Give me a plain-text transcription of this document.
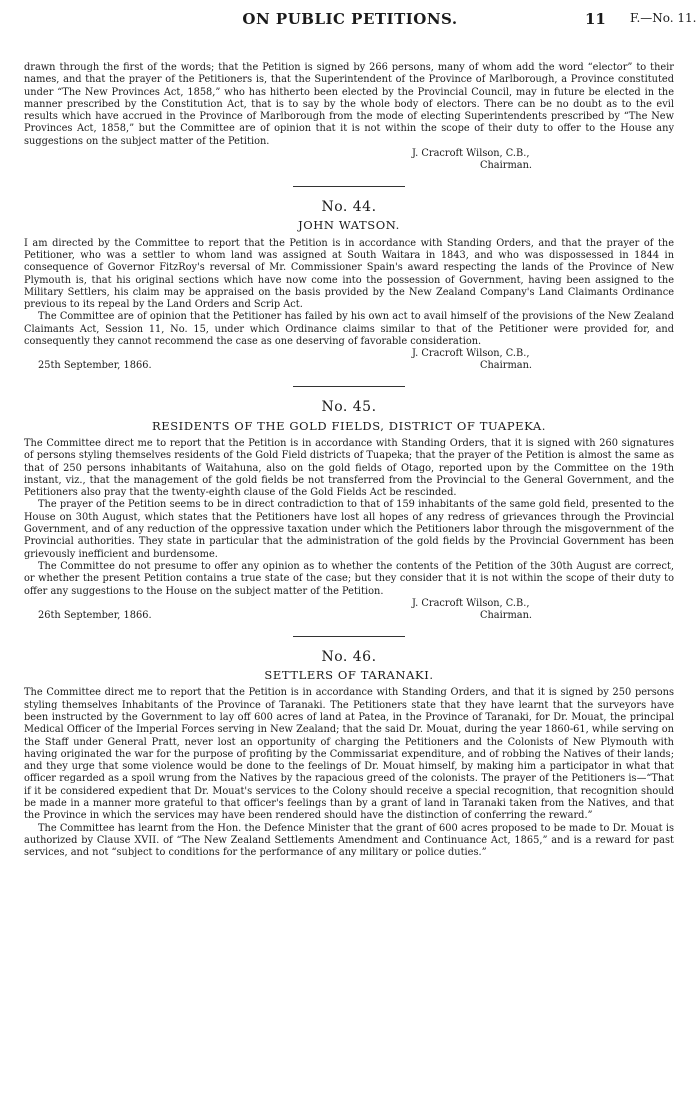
ON PUBLIC PETITIONS.	11 F.—No. 11.

drawn through the first of the words; that the Petition is signed by 266 persons, many of whom add the word “elector” to their names, and that the prayer of the Petitioners is, that the Superintendent of the Province of Marlborough, a Province constituted under “The New Provinces Act, 1858,” who has hitherto been elected by the Provincial Council, may in future be elected in the manner prescribed by the Constitution Act, that is to say by the whole body of electors. There can be no doubt as to the evil results which have accrued in the Province of Marlborough from the mode of electing Superintendents prescribed by “The New Provinces Act, 1858,” but the Committee are of opinion that it is not within the scope of their duty to offer to the House any suggestions on the subject matter of the Petition.

J. Cracroft Wilson, C.B.,
Chairman.
No. 44.
JOHN WATSON.

I am directed by the Committee to report that the Petition is in accordance with Standing Orders, and that the prayer of the Petitioner, who was a settler to whom land was assigned at South Waitara in 1843, and who was dispossessed in 1844 in consequence of Governor FitzRoy's reversal of Mr. Commissioner Spain's award respecting the lands of the Province of New Plymouth is, that his original sections which have now come into the possession of Government, having been assigned to the Military Settlers, his claim may be appraised on the basis provided by the New Zealand Company's Land Claimants Ordinance previous to its repeal by the Land Orders and Scrip Act.

The Committee are of opinion that the Petitioner has failed by his own act to avail himself of the provisions of the New Zealand Claimants Act, Session 11, No. 15, under which Ordinance claims similar to that of the Petitioner were provided for, and consequently they cannot recommend the case as one deserving of favorable consideration.

J. Cracroft Wilson, C.B.,
25th September, 1866.	Chairman.
No. 45.
RESIDENTS OF THE GOLD FIELDS, DISTRICT OF TUAPEKA.

The Committee direct me to report that the Petition is in accordance with Standing Orders, that it is signed with 260 signatures of persons styling themselves residents of the Gold Field districts of Tuapeka; that the prayer of the Petition is almost the same as that of 250 persons inhabitants of Waitahuna, also on the gold fields of Otago, reported upon by the Committee on the 19th instant, viz., that the management of the gold fields be not transferred from the Provincial to the General Government, and the Petitioners also pray that the twenty-eighth clause of the Gold Fields Act be rescinded.

The prayer of the Petition seems to be in direct contradiction to that of 159 inhabitants of the same gold field, presented to the House on 30th August, which states that the Petitioners have lost all hopes of any redress of grievances through the Provincial Government, and of any reduction of the oppressive taxation under which the Petitioners labor through the misgovernment of the Provincial authorities. They state in particular that the administration of the gold fields by the Provincial Government has been grievously inefficient and burdensome.

The Committee do not presume to offer any opinion as to whether the contents of the Petition of the 30th August are correct, or whether the present Petition contains a true state of the case; but they consider that it is not within the scope of their duty to offer any suggestions to the House on the subject matter of the Petition.

J. Cracroft Wilson, C.B.,
26th September, 1866.	Chairman.
No. 46.
SETTLERS OF TARANAKI.

The Committee direct me to report that the Petition is in accordance with Standing Orders, and that it is signed by 250 persons styling themselves Inhabitants of the Province of Taranaki. The Petitioners state that they have learnt that the surveyors have been instructed by the Government to lay off 600 acres of land at Patea, in the Province of Taranaki, for Dr. Mouat, the principal Medical Officer of the Imperial Forces serving in New Zealand; that the said Dr. Mouat, during the year 1860-61, while serving on the Staff under General Pratt, never lost an opportunity of charging the Petitioners and the Colonists of New Plymouth with having originated the war for the purpose of profiting by the Commissariat expenditure, and of robbing the Natives of their lands; and they urge that some violence would be done to the feelings of Dr. Mouat himself, by making him a participator in what that officer regarded as a spoil wrung from the Natives by the rapacious greed of the colonists. The prayer of the Petitioners is—“That if it be considered expedient that Dr. Mouat's services to the Colony should receive a special recognition, that recognition should be made in a manner more grateful to that officer's feelings than by a grant of land in Taranaki taken from the Natives, and that the Province in which the services may have been rendered should have the distinction of conferring the reward.”

The Committee has learnt from the Hon. the Defence Minister that the grant of 600 acres proposed to be made to Dr. Mouat is authorized by Clause XVII. of “The New Zealand Settlements Amendment and Continuance Act, 1865,” and is a reward for past services, and not “subject to conditions for the performance of any military or police duties.”
